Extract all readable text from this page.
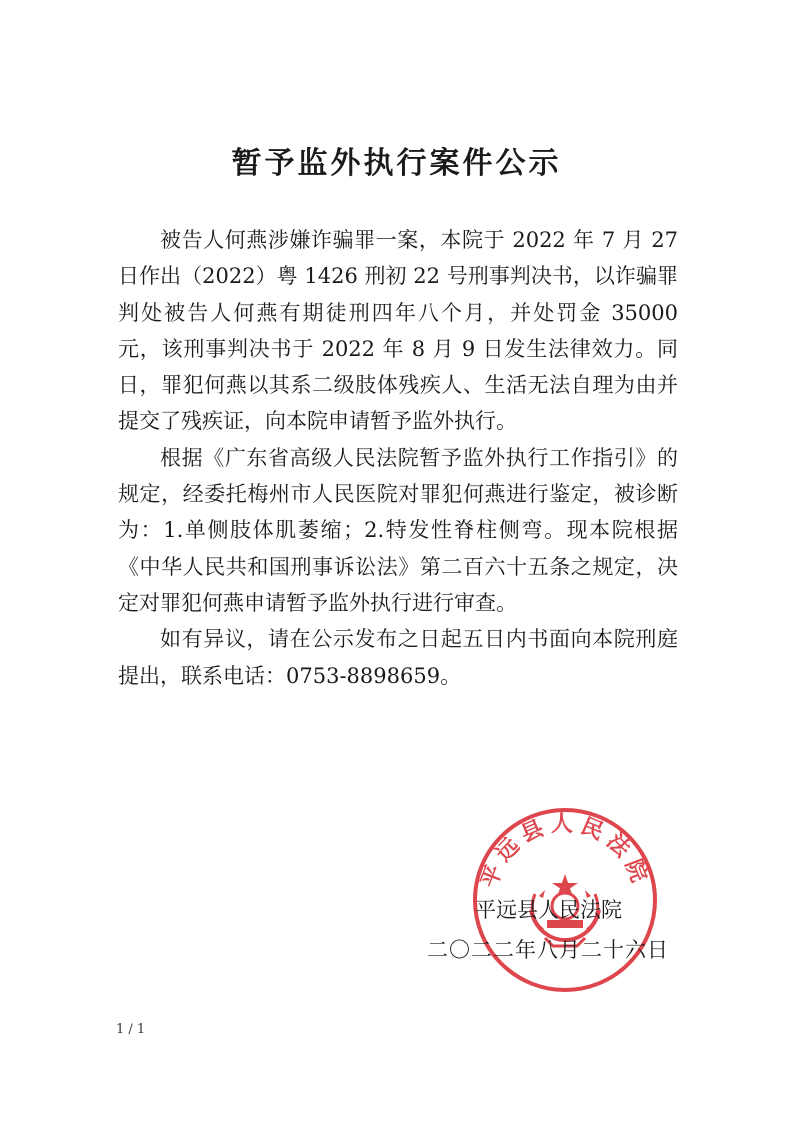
暂予监外执行案件公示

被告人何燕涉嫌诈骗罪一案，本院于 2022 年 7 月 27 日作出（2022）粤 1426 刑初 22 号刑事判决书，以诈骗罪判处被告人何燕有期徒刑四年八个月，并处罚金 35000 元，该刑事判决书于 2022 年 8 月 9 日发生法律效力。同日，罪犯何燕以其系二级肢体残疾人、生活无法自理为由并提交了残疾证，向本院申请暂予监外执行。

根据《广东省高级人民法院暂予监外执行工作指引》的规定，经委托梅州市人民医院对罪犯何燕进行鉴定，被诊断为：1.单侧肢体肌萎缩；2.特发性脊柱侧弯。现本院根据《中华人民共和国刑事诉讼法》第二百六十五条之规定，决定对罪犯何燕申请暂予监外执行进行审查。

如有异议，请在公示发布之日起五日内书面向本院刑庭提出，联系电话：0753-8898659。

平远县人民法院
平远县人民法院
二〇二二年八月二十六日
1 / 1
